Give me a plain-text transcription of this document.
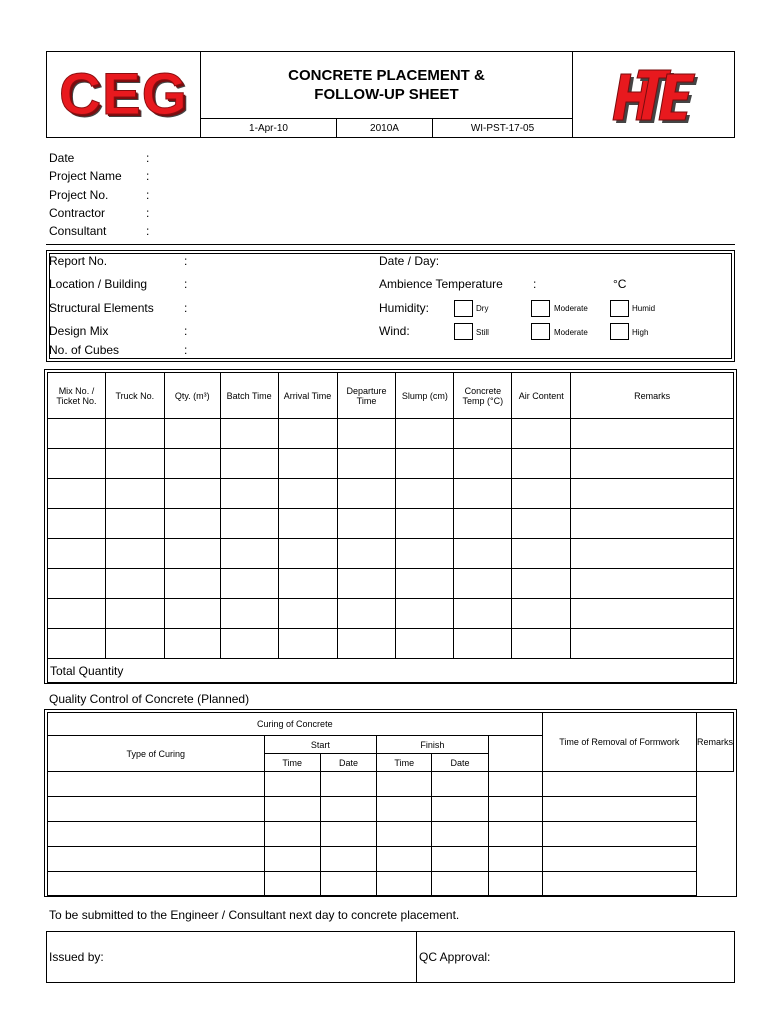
CEG	CONCRETE PLACEMENT &
FOLLOW-UP SHEET
1-Apr-10	2010A	WI-PST-17-05
Date	:
Project Name :
Project No.	:
Contractor	:
Consultant	:
Report No.	:
Location / Building	:
Structural Elements	:
Design Mix	:
No. of Cubes	:
Date / Day:
Ambience Temperature	:	°C
Humidity:	Dry	Moderate	Humid
Wind:	Still	Moderate	High
Mix No. / Ticket No.	Truck No.	Qty. (m³)	Batch Time	Arrival Time	Departure Time	Slump (cm)	Concrete Temp (°C)	Air Content	Remarks

Total Quantity									
Quality Control of Concrete (Planned)
Curing of Concrete						Time of Removal of Formwork	Remarks
Type of Curing	Start		Finish				
	Time	Date	Time	Date			

To be submitted to the Engineer / Consultant next day to concrete placement.
Issued by:	QC Approval:
